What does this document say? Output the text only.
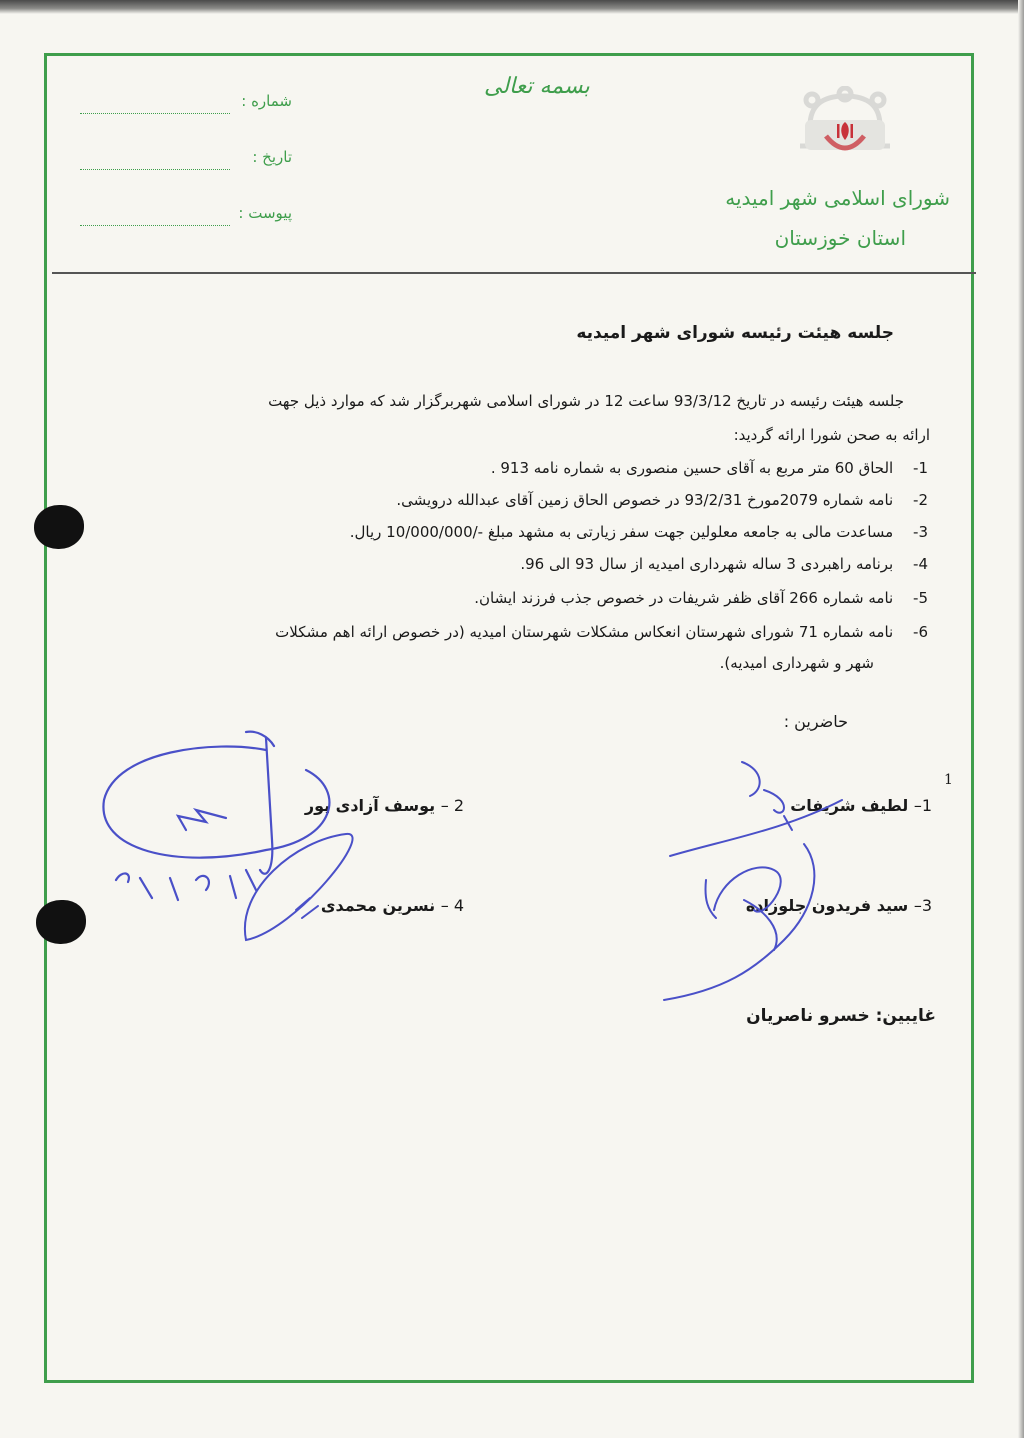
شماره :
تاریخ :
پیوست :
بسمه تعالی
شورای اسلامی شهر امیدیه
استان خوزستان
جلسه هیئت رئیسه شورای شهر امیدیه
جلسه هیئت رئیسه در تاریخ 93/3/12 ساعت 12 در شورای اسلامی شهربرگزار شد که موارد ذیل جهت
ارائه به صحن شورا ارائه گردید:
1- الحاق 60 متر مربع به آقای حسین منصوری به شماره نامه 913 .
2- نامه شماره 2079مورخ 93/2/31 در خصوص الحاق زمین آقای عبدالله درویشی.
3- مساعدت مالی به جامعه معلولین جهت سفر زیارتی به مشهد مبلغ -/10/000/000 ریال.
4- برنامه راهبردی 3 ساله شهرداری امیدیه از سال 93 الی 96.
5- نامه شماره 266 آقای ظفر شریفات در خصوص جذب فرزند ایشان.
6- نامه شماره 71 شورای شهرستان انعکاس مشکلات شهرستان امیدیه (در خصوص ارائه اهم مشکلات
شهر و شهرداری امیدیه).
حاضرین :
1
1– لطیف شریفات
2 – یوسف آزادی پور
3– سید فریدون جلوزاده
4 – نسرین محمدی
غایبین: خسرو ناصریان
